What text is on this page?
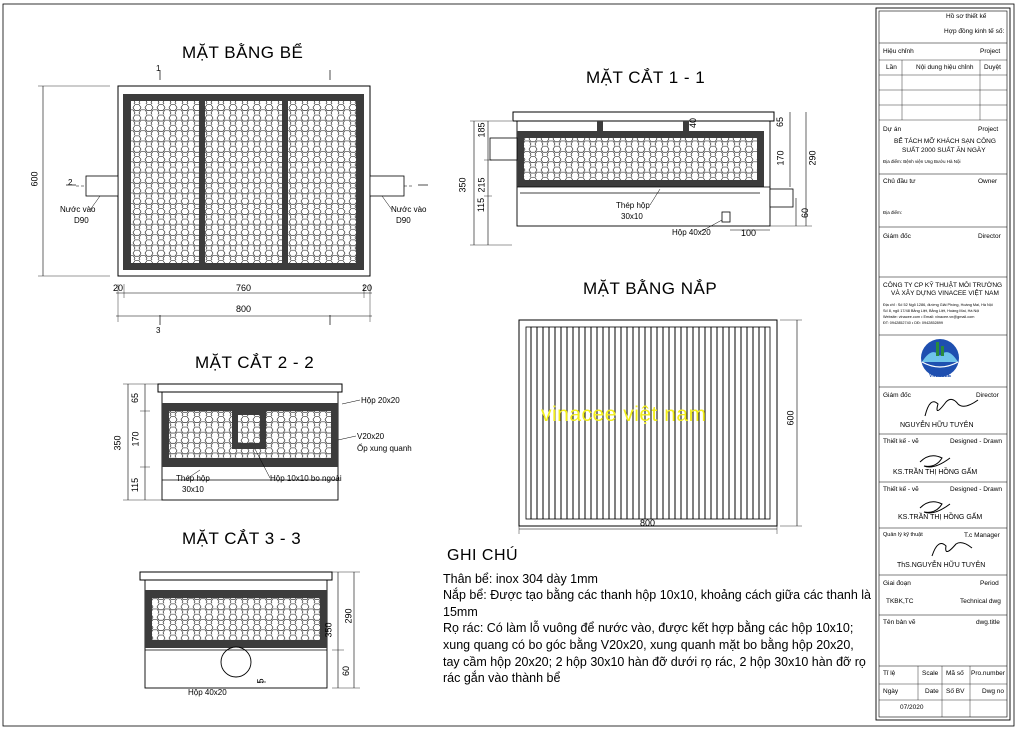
MẶT BẰNG BỂ
MẶT CẮT 1 - 1
MẶT CẮT 2 - 2
MẶT CẮT 3 - 3
MẶT BẰNG NẮP
600
20	760	20
800
Nước vào
D90
Nước vào
D90
1
2
3
185
215
350
115
40	65
170 290
60
100
Thép hộp
30x10
Hộp 40x20
65
170
350
115
Hộp 20x20
V20x20
Ốp xung quanh
Thép hộp
30x10
Hộp 10x10 bo ngoài
350
290
60
5
Hộp 40x20
600
800
vinacee việt nam
GHI CHÚ

Thân bể: inox 304 dày 1mm

Nắp bể: Được tạo bằng các thanh hộp 10x10, khoảng cách giữa các thanh là 15mm

Rọ rác: Có làm lỗ vuông để nước vào, được kết hợp bằng các hộp 10x10; xung quang có bo góc bằng V20x20, xung quanh mặt bo bằng hộp 20x20, tay cầm hộp 20x20; 2 hộp 30x10 hàn đỡ dưới rọ rác, 2 hộp 30x10 hàn đỡ rọ rác gắn vào thành bể

Hồ sơ thiết kế
Hợp đồng kinh tế số:
Hiệu chỉnh	Project
Lần	Nội dung hiệu chỉnh Duyệt
Dự án	Project
BỂ TÁCH MỠ KHÁCH SẠN CÔNG
SUẤT 2000 SUẤT ĂN NGÀY
Địa điểm: Bệnh viện Ung Bướu Hà Nội
Chủ đầu tư	Owner
Địa điểm:
Giám đốc	Director
CÔNG TY CP KỸ THUẬT MÔI TRƯỜNG
VÀ XÂY DỰNG VINACEE VIỆT NAM
Địa chỉ : Số 52 Ngõ 1286, đường Giải Phóng, Hoàng Mai, Hà Nội
Số 8, ngõ 17/48 Bằng Liệt, Bằng Liệt, Hoàng Mai, Hà Nội
Website: vinacee.com • Email: vinacee.vn@gmail.com
ĐT: 0942852740 • DĐ: 0942852899
VINACEE
Giám đốc	Director
NGUYỄN HỮU TUYÊN
Thiết kế - vẽ	Designed - Drawn
KS.TRẦN THỊ HỒNG GẤM
Thiết kế - vẽ	Designed - Drawn
KS.TRẦN THỊ HỒNG GẤM
Quản lý kỹ thuật	T.c Manager
ThS.NGUYỄN HỮU TUYÊN
Giai đoạn	Period
TKBK,TC	Technical dwg
Tên bản vẽ	dwg.title
Tỉ lệ	Scale Mã số Pro.number
Ngày	Date Số BV	Dwg no
07/2020
